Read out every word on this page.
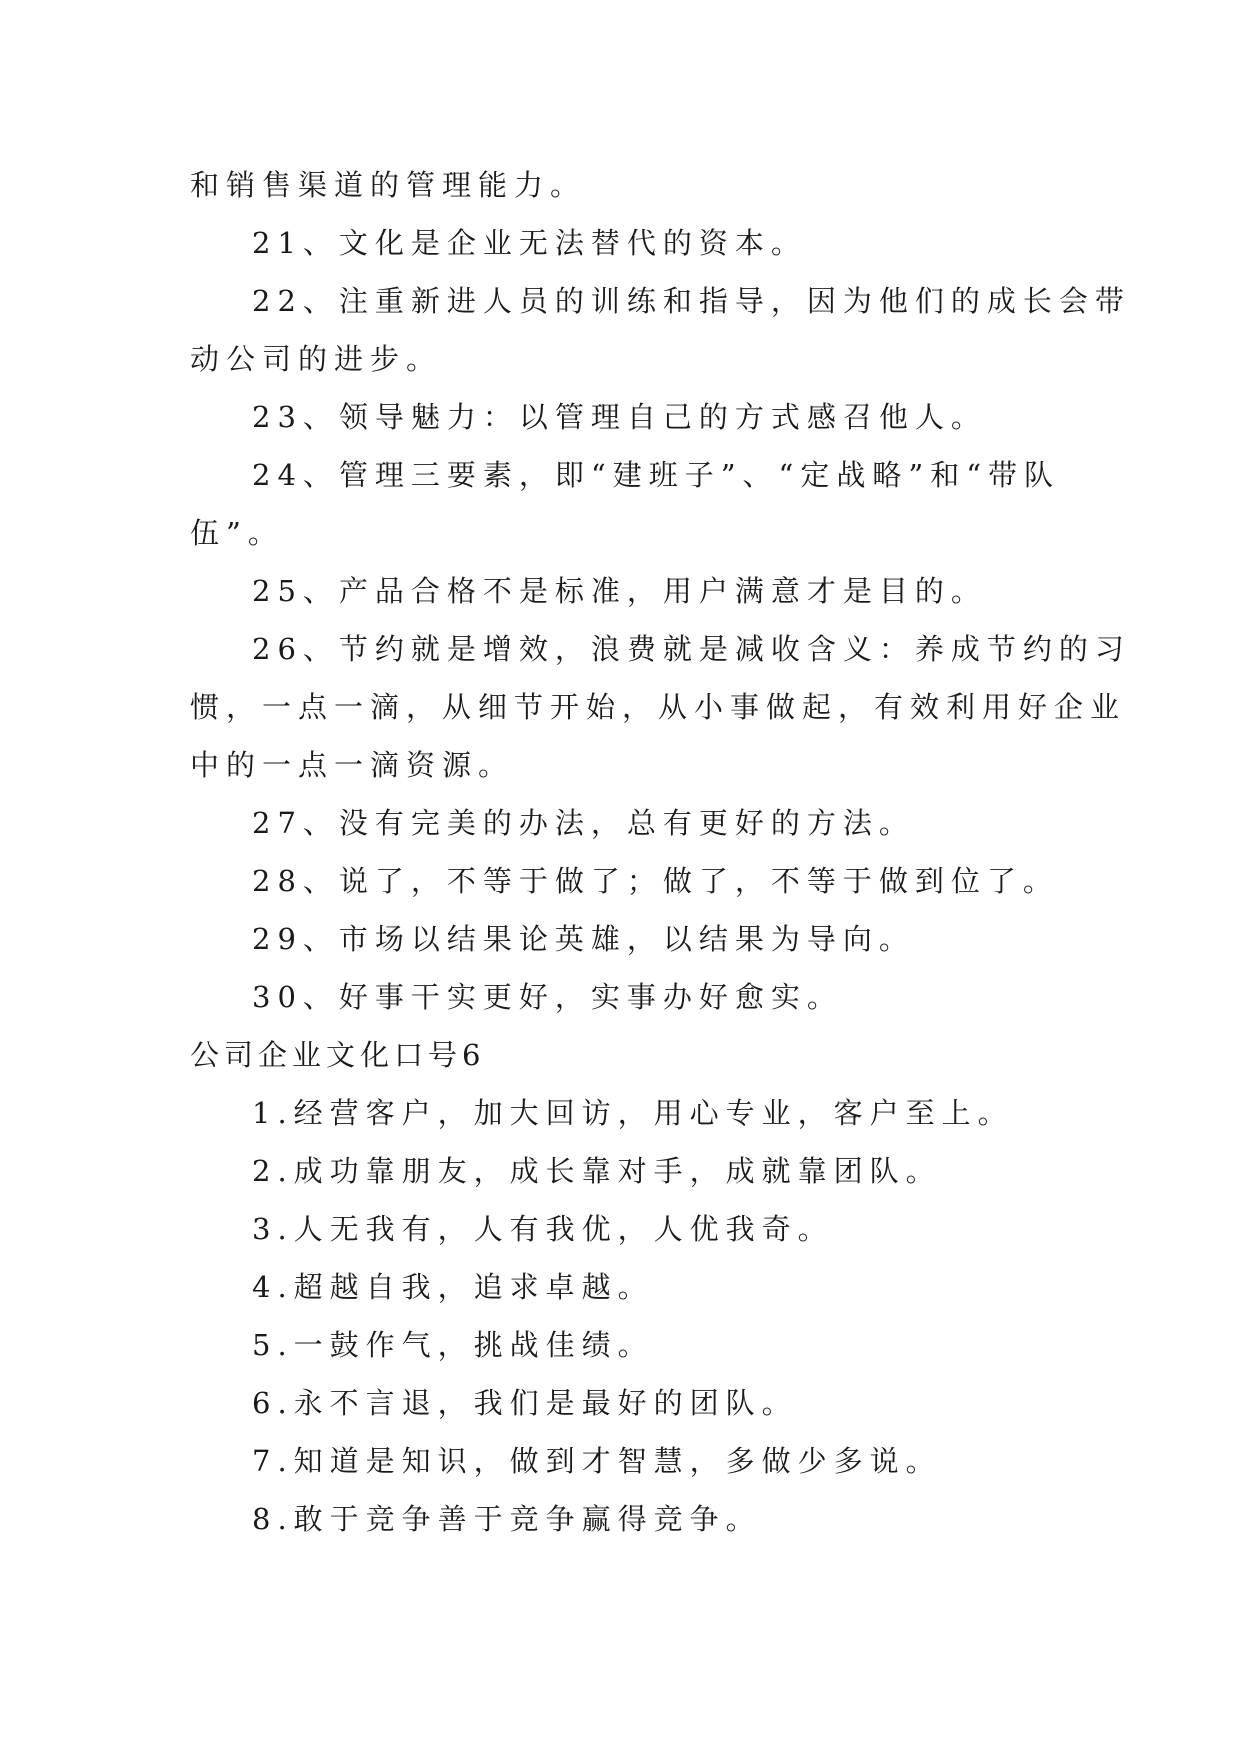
和销售渠道的管理能力。
21、文化是企业无法替代的资本。
22、注重新进人员的训练和指导，因为他们的成长会带
动公司的进步。
23、领导魅力：以管理自己的方式感召他人。
24、管理三要素，即“建班子”、“定战略”和“带队
伍”。
25、产品合格不是标准，用户满意才是目的。
26、节约就是增效，浪费就是减收含义：养成节约的习
惯，一点一滴，从细节开始，从小事做起，有效利用好企业
中的一点一滴资源。
27、没有完美的办法，总有更好的方法。
28、说了，不等于做了；做了，不等于做到位了。
29、市场以结果论英雄，以结果为导向。
30、好事干实更好，实事办好愈实。
公司企业文化口号6
1.经营客户，加大回访，用心专业，客户至上。
2.成功靠朋友，成长靠对手，成就靠团队。
3.人无我有，人有我优，人优我奇。
4.超越自我，追求卓越。
5.一鼓作气，挑战佳绩。
6.永不言退，我们是最好的团队。
7.知道是知识，做到才智慧，多做少多说。
8.敢于竞争善于竞争赢得竞争。
